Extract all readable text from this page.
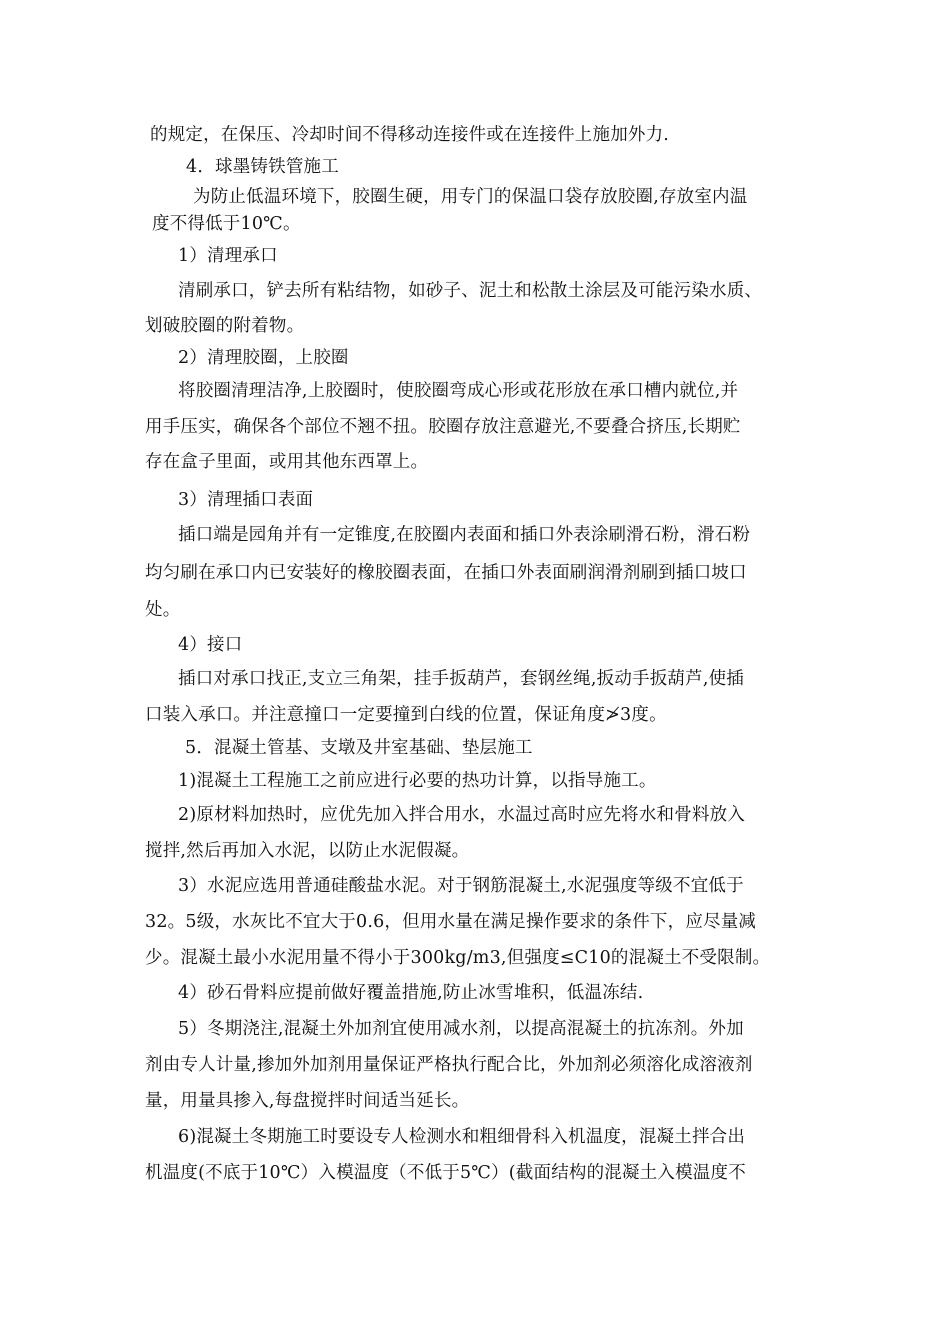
的规定，在保压、冷却时间不得移动连接件或在连接件上施加外力.
4．球墨铸铁管施工
为防止低温环境下，胶圈生硬，用专门的保温口袋存放胶圈,存放室内温
度不得低于10℃。
1）清理承口
清刷承口，铲去所有粘结物，如砂子、泥土和松散土涂层及可能污染水质、
划破胶圈的附着物。
2）清理胶圈，上胶圈
将胶圈清理洁净,上胶圈时，使胶圈弯成心形或花形放在承口槽内就位,并
用手压实，确保各个部位不翘不扭。胶圈存放注意避光,不要叠合挤压,长期贮
存在盒子里面，或用其他东西罩上。
3）清理插口表面
插口端是园角并有一定锥度,在胶圈内表面和插口外表涂刷滑石粉，滑石粉
均匀刷在承口内已安装好的橡胶圈表面，在插口外表面刷润滑剂刷到插口坡口
处。
4）接口
插口对承口找正,支立三角架，挂手扳葫芦，套钢丝绳,扳动手扳葫芦,使插
口装入承口。并注意撞口一定要撞到白线的位置，保证角度≯3度。
5．混凝土管基、支墩及井室基础、垫层施工
1)混凝土工程施工之前应进行必要的热功计算，以指导施工。
2)原材料加热时，应优先加入拌合用水，水温过高时应先将水和骨料放入
搅拌,然后再加入水泥，以防止水泥假凝。
3）水泥应选用普通硅酸盐水泥。对于钢筋混凝土,水泥强度等级不宜低于
32。5级，水灰比不宜大于0.6，但用水量在满足操作要求的条件下，应尽量减
少。混凝土最小水泥用量不得小于300kg/m3,但强度≤C10的混凝土不受限制。
4）砂石骨料应提前做好覆盖措施,防止冰雪堆积，低温冻结.
5）冬期浇注,混凝土外加剂宜使用减水剂，以提高混凝土的抗冻剂。外加
剂由专人计量,掺加外加剂用量保证严格执行配合比，外加剂必须溶化成溶液剂
量，用量具掺入,每盘搅拌时间适当延长。
6)混凝土冬期施工时要设专人检测水和粗细骨科入机温度，混凝土拌合出
机温度(不底于10℃）入模温度（不低于5℃）(截面结构的混凝土入模温度不
